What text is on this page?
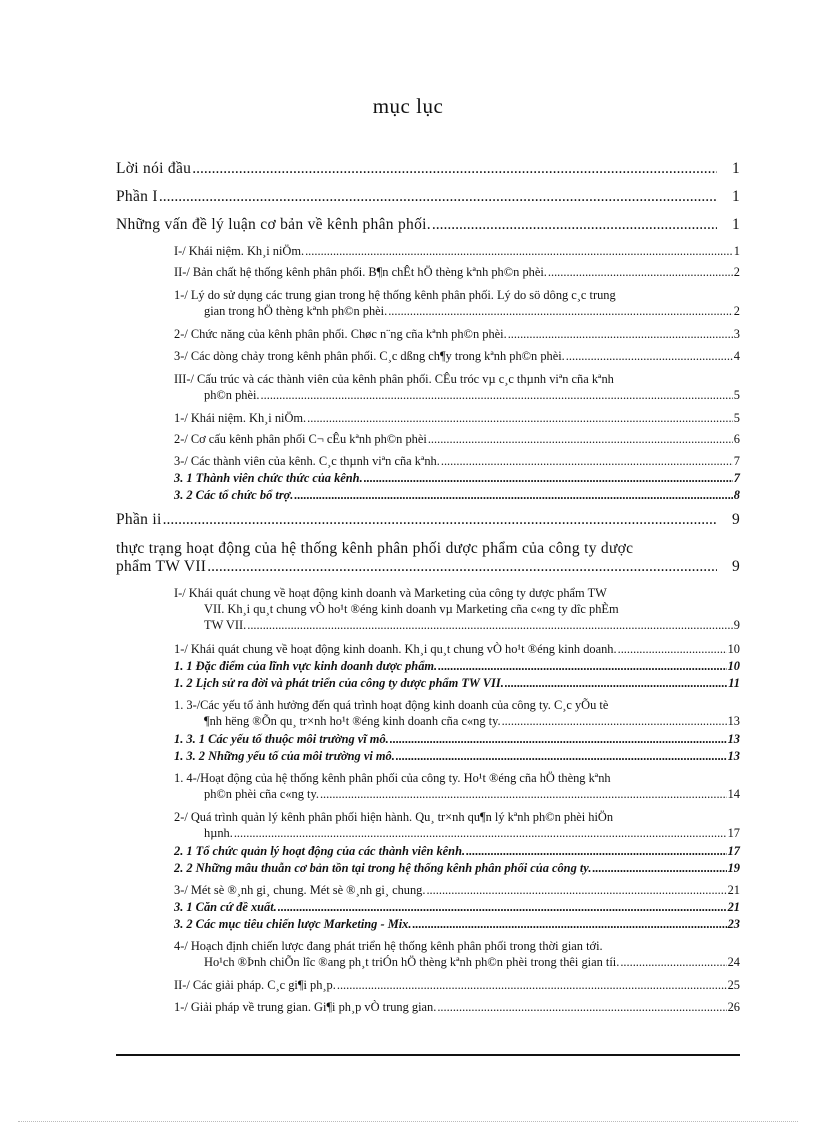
mục lục
Lời nói đầu .....	1
Phần I .....	1
Những vấn đề lý luận cơ bản về kênh phân phối. .....	1
I-/ Khái niệm. Kh¸i niÖm. .....	1
II-/ Bản chất hệ thống kênh phân phối. B¶n chÊt hÖ thèng kªnh ph©n phèi. .....	2
1-/ Lý do sử dụng các trung gian trong hệ thống kênh phân phối. Lý do sö dông c¸c trung
gian trong hÖ thèng kªnh ph©n phèi. .....	2
2-/ Chức năng của kênh phân phối. Chøc n¨ng cña kªnh ph©n phèi. .....	3
3-/ Các dòng chảy trong kênh phân phối. C¸c dßng ch¶y trong kªnh ph©n phèi. .....	4
III-/ Cấu trúc và các thành viên của kênh phân phối. CÊu tróc vµ c¸c thµnh viªn cña kªnh
ph©n phèi. .....	5
1-/ Khái niệm. Kh¸i niÖm. .....	5
2-/ Cơ cấu kênh phân phối C¬ cÊu kªnh ph©n phèi .....	6
3-/ Các thành viên của kênh. C¸c thµnh viªn cña kªnh. .....	7
3. 1 Thành viên chức thức của kênh. .....	7
3. 2 Các tổ chức bổ trợ. .....	8
Phần ii .....	9
thực trạng hoạt động của hệ thống kênh phân phối dược phẩm của công ty dược
phẩm TW VII .....	9
I-/ Khái quát chung về hoạt động kinh doanh và Marketing của công ty dược phẩm TW
VII. Kh¸i qu¸t chung vÒ ho¹t ®éng kinh doanh vµ Marketing cña c«ng ty dîc phÈm
TW VII. .....	9
1-/ Khái quát chung về hoạt động kinh doanh. Kh¸i qu¸t chung vÒ ho¹t ®éng kinh doanh. .....	10
1. 1 Đặc điểm của lĩnh vực kinh doanh dược phẩm. .....	10
1. 2 Lịch sử ra đời và phát triển của công ty dược phẩm TW VII. .....	11
1. 3-/Các yếu tố ảnh hưởng đến quá trình hoạt động kinh doanh của công ty. C¸c yÕu tè
¶nh hëng ®Õn qu¸ tr×nh ho¹t ®éng kinh doanh cña c«ng ty. .....	13
1. 3. 1 Các yếu tố thuộc môi trường vĩ mô. .....	13
1. 3. 2 Những yếu tố của môi trường vi mô. .....	13
1. 4-/Hoạt động của hệ thống kênh phân phối của công ty. Ho¹t ®éng cña hÖ thèng kªnh
ph©n phèi cña c«ng ty. .....	14
2-/ Quá trình quản lý kênh phân phối hiện hành. Qu¸ tr×nh qu¶n lý kªnh ph©n phèi hiÖn
hµnh. .....	17
2. 1 Tổ chức quản lý hoạt động của các thành viên kênh. .....	17
2. 2 Những mâu thuẫn cơ bản tồn tại trong hệ thống kênh phân phối của công ty. .....	19
3-/ Mét sè ®¸nh gi¸ chung. Mét sè ®¸nh gi¸ chung. .....	21
3. 1 Căn cứ đề xuất. .....	21
3. 2 Các mục tiêu chiến lược Marketing - Mix. .....	23
4-/ Hoạch định chiến lược đang phát triển hệ thống kênh phân phối trong thời gian tới.
Ho¹ch ®Þnh chiÕn lîc ®ang ph¸t triÓn hÖ thèng kªnh ph©n phèi trong thêi gian tíi. .....	24
II-/ Các giải pháp. C¸c gi¶i ph¸p. .....	25
1-/ Giải pháp về trung gian. Gi¶i ph¸p vÒ trung gian. .....	26
